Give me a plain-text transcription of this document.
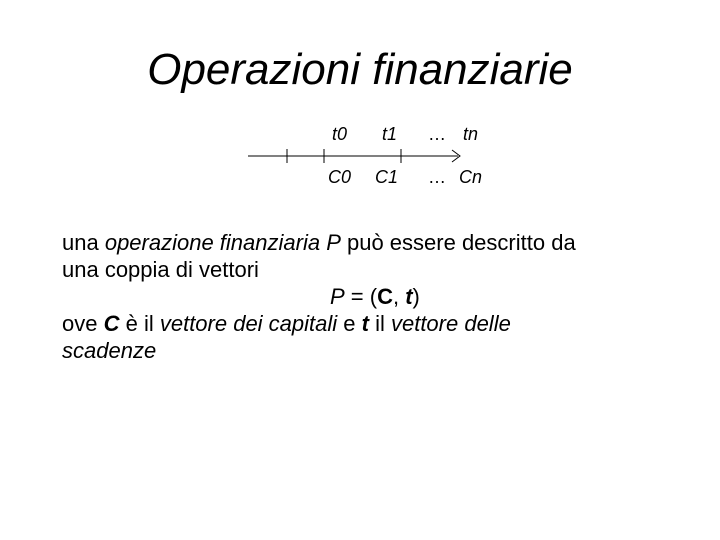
Operazioni finanziarie
t0 t1 … tn
C0 C1 … Cn
una operazione finanziaria P può essere descritto da
una coppia di vettori
P = (C, t)
ove C è il vettore dei capitali e t il vettore delle
scadenze
